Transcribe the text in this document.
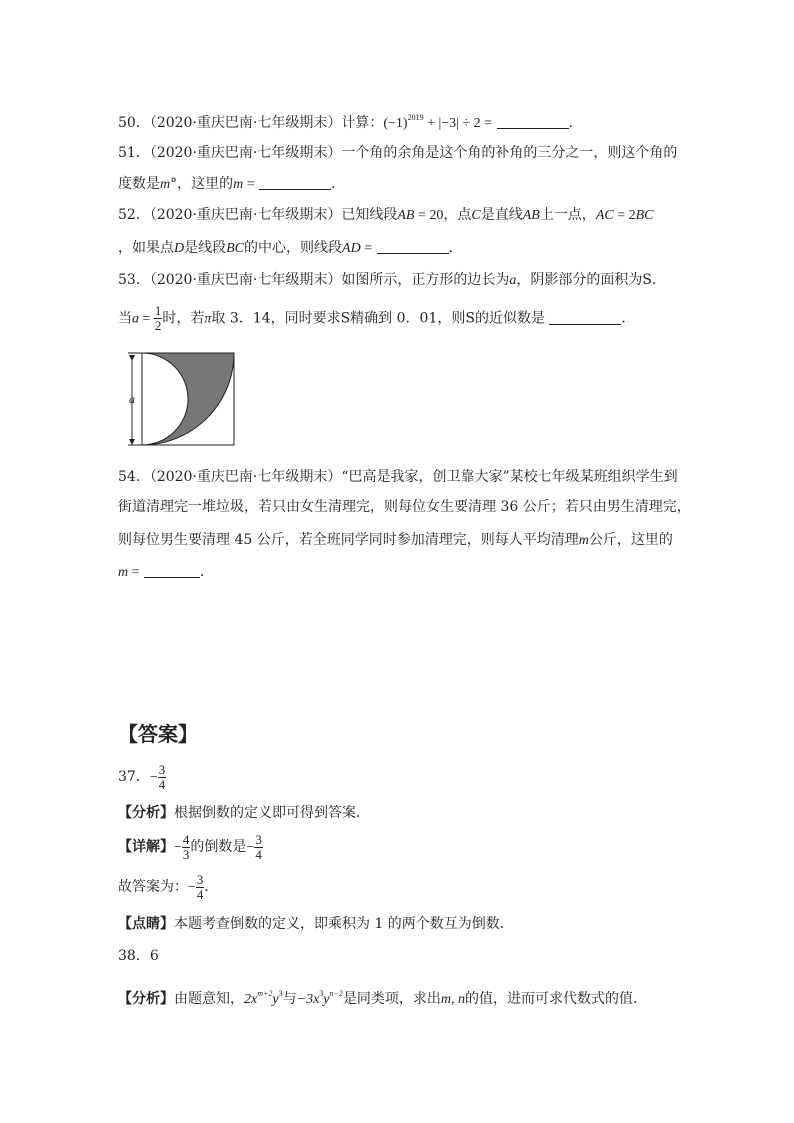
50．（2020·重庆巴南·七年级期末）计算：$(-1)^{2019} + |-3| \div 2$ =	．
51．（2020·重庆巴南·七年级期末）一个角的余角是这个角的补角的三分之一，则这个角的
度数是m°，这里的m =	．
52．（2020·重庆巴南·七年级期末）已知线段AB = 20，点C是直线AB上一点，AC = 2BC
，如果点D是线段BC的中心，则线段AD =	．
53．（2020·重庆巴南·七年级期末）如图所示，正方形的边长为a，阴影部分的面积为S．
当$a = \frac{1}{2}$ 时，若π取 3．14，同时要求S精确到 0．01，则S的近似数是	．
a
54．（2020·重庆巴南·七年级期末）“巴高是我家，创卫靠大家”某校七年级某班组织学生到
街道清理完一堆垃圾，若只由女生清理完，则每位女生要清理 36 公斤；若只由男生清理完，
则每位男生要清理 45 公斤，若全班同学同时参加清理完，则每人平均清理m公斤，这里的
m =	．
【答案】
37．− $\frac{3}{4}$
【分析】根据倒数的定义即可得到答案．
【详解】− $\frac{4}{3}$ 的倒数是− $\frac{3}{4}$
故答案为：− $\frac{3}{4}$ ．
【点睛】本题考查倒数的定义，即乘积为 1 的两个数互为倒数．
38．6
【分析】由题意知，$2x^{m+2}y^3$与$-3x^3y^{n-2}$是同类项，求出m, n的值，进而可求代数式的值．
